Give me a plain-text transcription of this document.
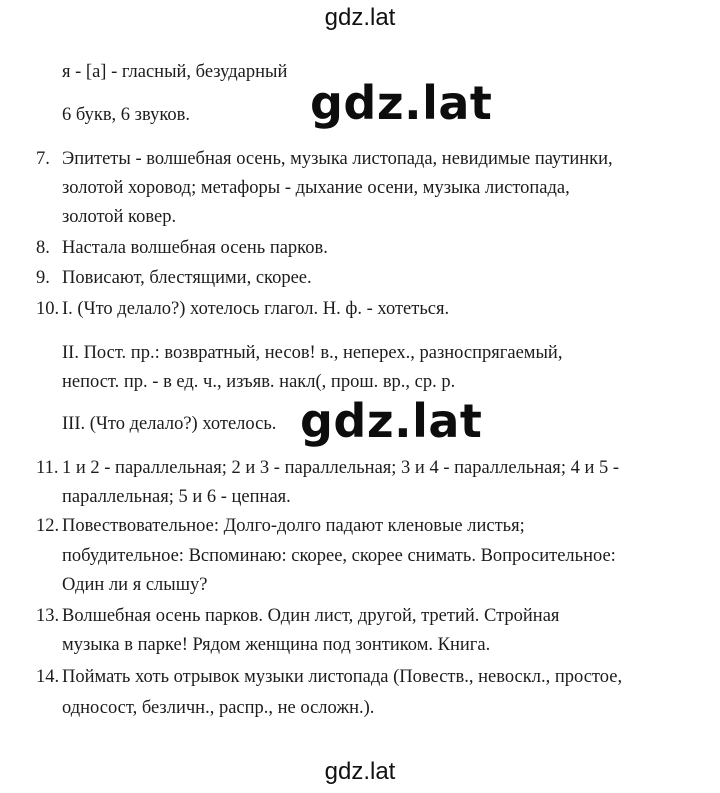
gdz.lat
я - [а] - гласный, безударный
6 букв, 6 звуков.	gdz.lat
7. Эпитеты - волшебная осень, музыка листопада, невидимые паутинки,
золотой хоровод; метафоры - дыхание осени, музыка листопада,
золотой ковер.
8. Настала волшебная осень парков.
9. Повисают, блестящими, скорее.
10. I. (Что делало?) хотелось глагол. Н. ф. - хотеться.
II. Пост. пр.: возвратный, несов! в., неперех., разноспрягаемый,
непост. пр. - в ед. ч., изъяв. накл(, прош. вр., ср. р.
III. (Что делало?) хотелось. gdz.lat
11. 1 и 2 - параллельная; 2 и 3 - параллельная; 3 и 4 - параллельная; 4 и 5 -
параллельная; 5 и 6 - цепная.
12. Повествовательное: Долго-долго падают кленовые листья;
побудительное: Вспоминаю: скорее, скорее снимать. Вопросительное:
Один ли я слышу?
13. Волшебная осень парков. Один лист, другой, третий. Стройная
музыка в парке! Рядом женщина под зонтиком. Книга.
14. Поймать хоть отрывок музыки листопада (Повеств., невоскл., простое,
односост, безличн., распр., не осложн.).
gdz.lat
